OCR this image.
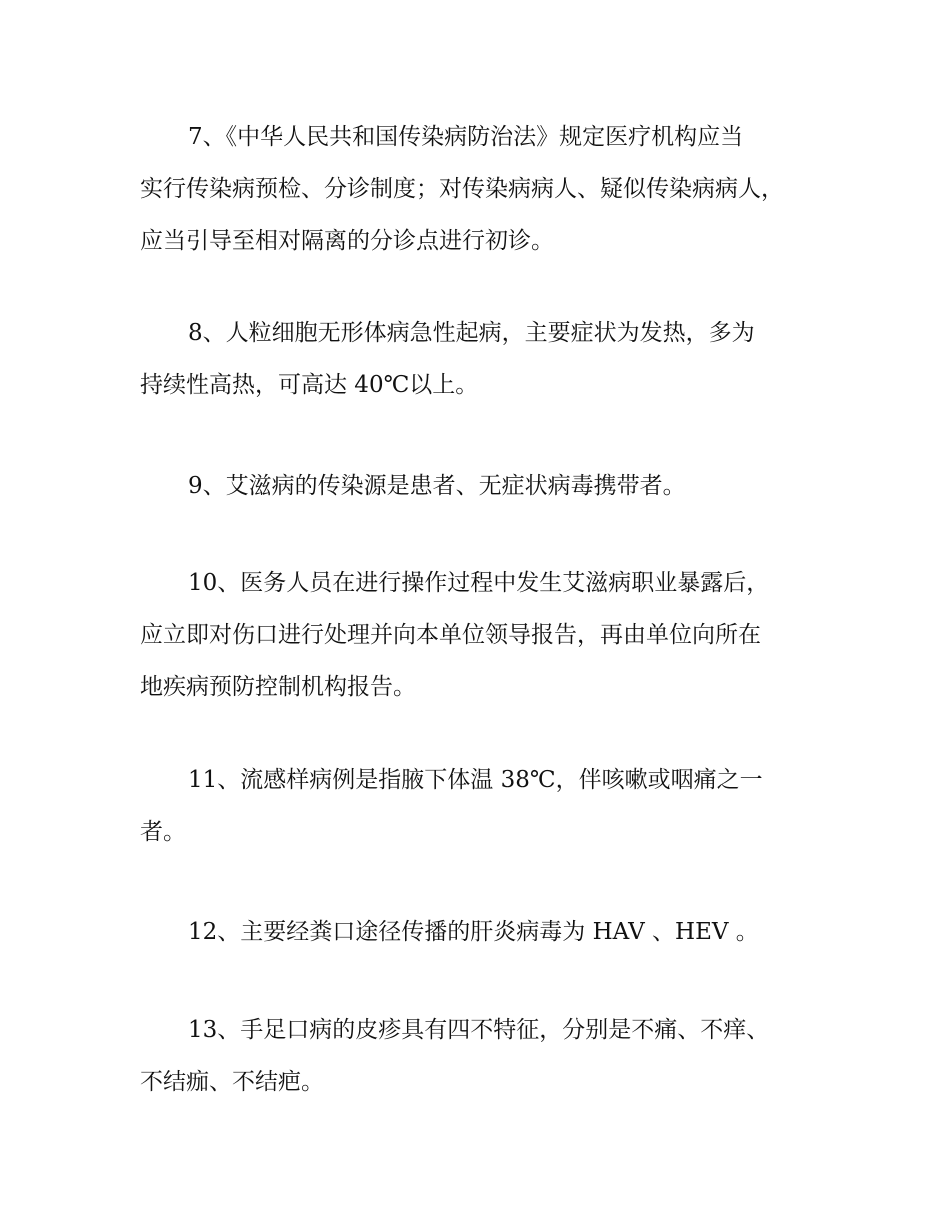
7、《中华人民共和国传染病防治法》规定医疗机构应当
实行传染病预检、分诊制度；对传染病病人、疑似传染病病人，
应当引导至相对隔离的分诊点进行初诊。
8、人粒细胞无形体病急性起病，主要症状为发热，多为
持续性高热，可高达 40℃以上。
9、艾滋病的传染源是患者、无症状病毒携带者。
10、医务人员在进行操作过程中发生艾滋病职业暴露后，
应立即对伤口进行处理并向本单位领导报告，再由单位向所在
地疾病预防控制机构报告。
11、流感样病例是指腋下体温 38℃，伴咳嗽或咽痛之一
者。
12、主要经粪口途径传播的肝炎病毒为 HAV 、HEV 。
13、手足口病的皮疹具有四不特征，分别是不痛、不痒、
不结痂、不结疤。
